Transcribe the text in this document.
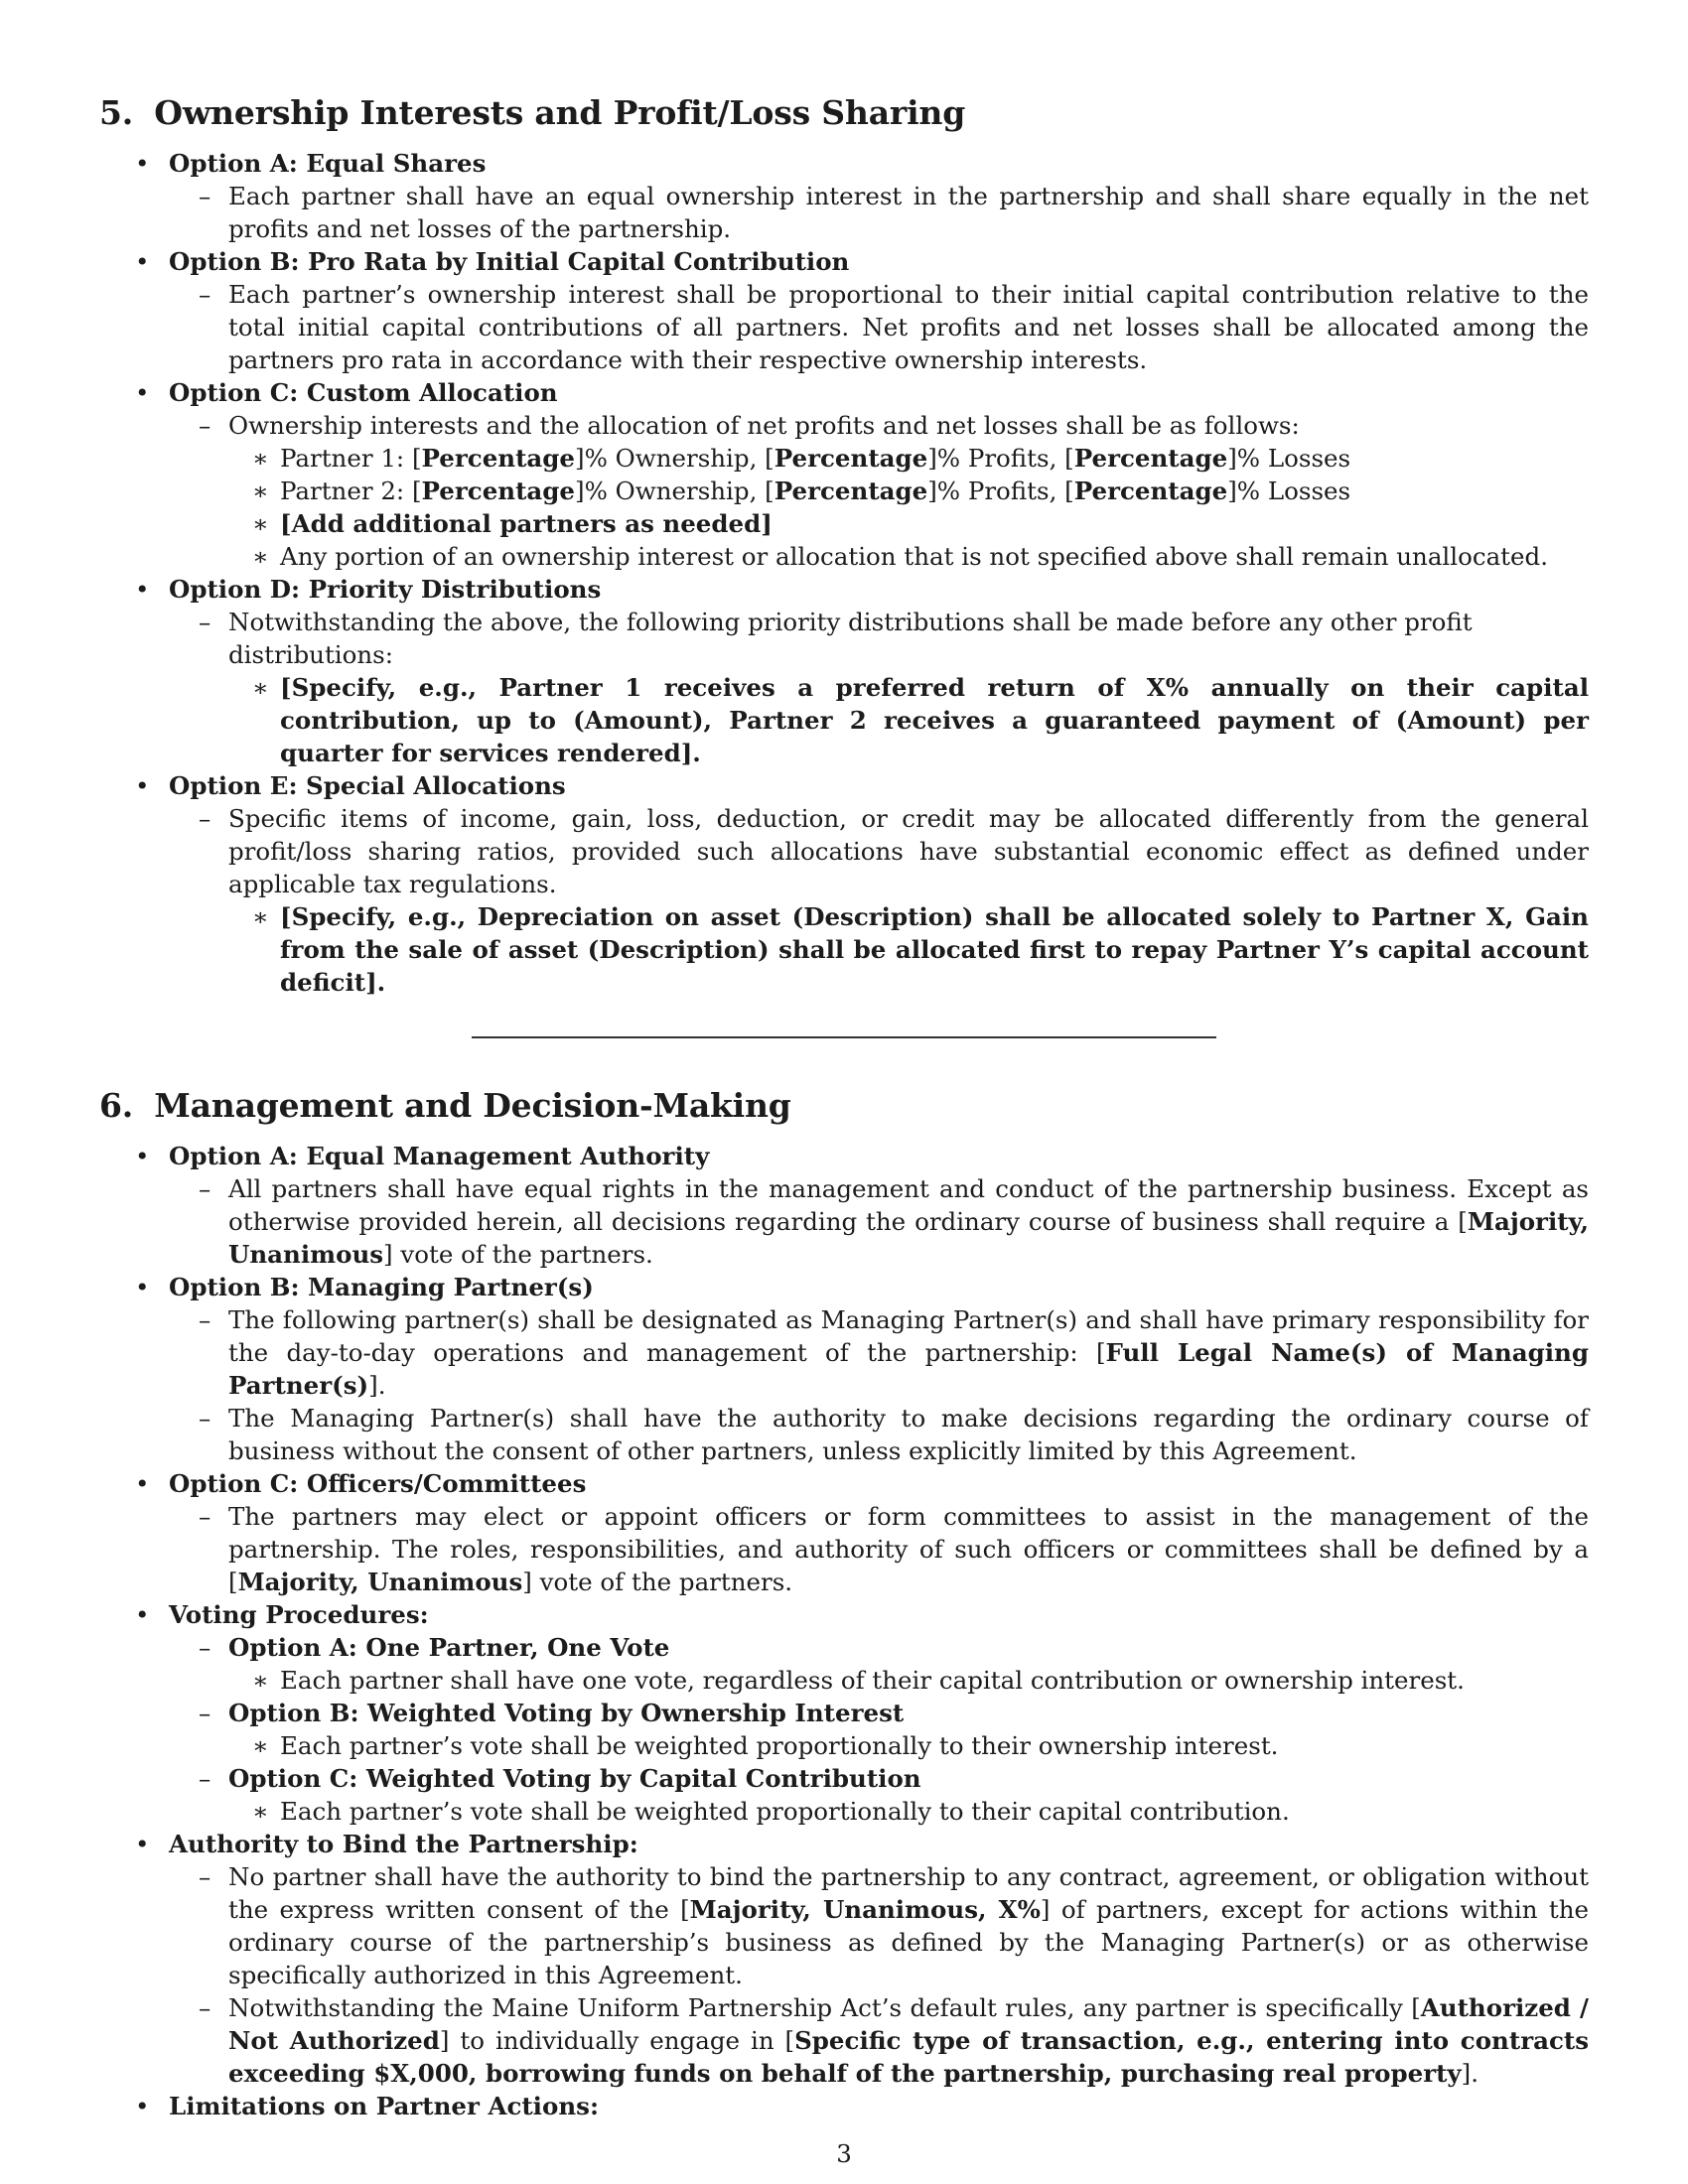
5. Ownership Interests and Profit/Loss Sharing
• Option A: Equal Shares
– Each partner shall have an equal ownership interest in the partnership and shall share equally in the net profits and net losses of the partnership.
• Option B: Pro Rata by Initial Capital Contribution
– Each partner’s ownership interest shall be proportional to their initial capital contribution relative to the total initial capital contributions of all partners. Net profits and net losses shall be allocated among the partners pro rata in accordance with their respective ownership interests.
• Option C: Custom Allocation
– Ownership interests and the allocation of net profits and net losses shall be as follows:
∗ Partner 1: [Percentage]% Ownership, [Percentage]% Profits, [Percentage]% Losses
∗ Partner 2: [Percentage]% Ownership, [Percentage]% Profits, [Percentage]% Losses
∗ [Add additional partners as needed]
∗ Any portion of an ownership interest or allocation that is not specified above shall remain unallocated.
• Option D: Priority Distributions
– Notwithstanding the above, the following priority distributions shall be made before any other profit distributions:
∗ [Specify, e.g., Partner 1 receives a preferred return of X% annually on their capital contribution, up to (Amount), Partner 2 receives a guaranteed payment of (Amount) per quarter for services rendered].
• Option E: Special Allocations
– Specific items of income, gain, loss, deduction, or credit may be allocated differently from the general profit/loss sharing ratios, provided such allocations have substantial economic effect as defined under applicable tax regulations.
∗ [Specify, e.g., Depreciation on asset (Description) shall be allocated solely to Partner X, Gain from the sale of asset (Description) shall be allocated first to repay Partner Y’s capital account deficit].
6. Management and Decision-Making
• Option A: Equal Management Authority
– All partners shall have equal rights in the management and conduct of the partnership business. Except as otherwise provided herein, all decisions regarding the ordinary course of business shall require a [Majority, Unanimous] vote of the partners.
• Option B: Managing Partner(s)
– The following partner(s) shall be designated as Managing Partner(s) and shall have primary responsibility for the day-to-day operations and management of the partnership: [Full Legal Name(s) of Managing Partner(s)].
– The Managing Partner(s) shall have the authority to make decisions regarding the ordinary course of business without the consent of other partners, unless explicitly limited by this Agreement.
• Option C: Officers/Committees
– The partners may elect or appoint officers or form committees to assist in the management of the partnership. The roles, responsibilities, and authority of such officers or committees shall be defined by a [Majority, Unanimous] vote of the partners.
• Voting Procedures:
– Option A: One Partner, One Vote
∗ Each partner shall have one vote, regardless of their capital contribution or ownership interest.
– Option B: Weighted Voting by Ownership Interest
∗ Each partner’s vote shall be weighted proportionally to their ownership interest.
– Option C: Weighted Voting by Capital Contribution
∗ Each partner’s vote shall be weighted proportionally to their capital contribution.
• Authority to Bind the Partnership:
– No partner shall have the authority to bind the partnership to any contract, agreement, or obligation without the express written consent of the [Majority, Unanimous, X%] of partners, except for actions within the ordinary course of the partnership’s business as defined by the Managing Partner(s) or as otherwise specifically authorized in this Agreement.
– Notwithstanding the Maine Uniform Partnership Act’s default rules, any partner is specifically [Authorized / Not Authorized] to individually engage in [Specific type of transaction, e.g., entering into contracts exceeding $X,000, borrowing funds on behalf of the partnership, purchasing real property].
• Limitations on Partner Actions:
3
